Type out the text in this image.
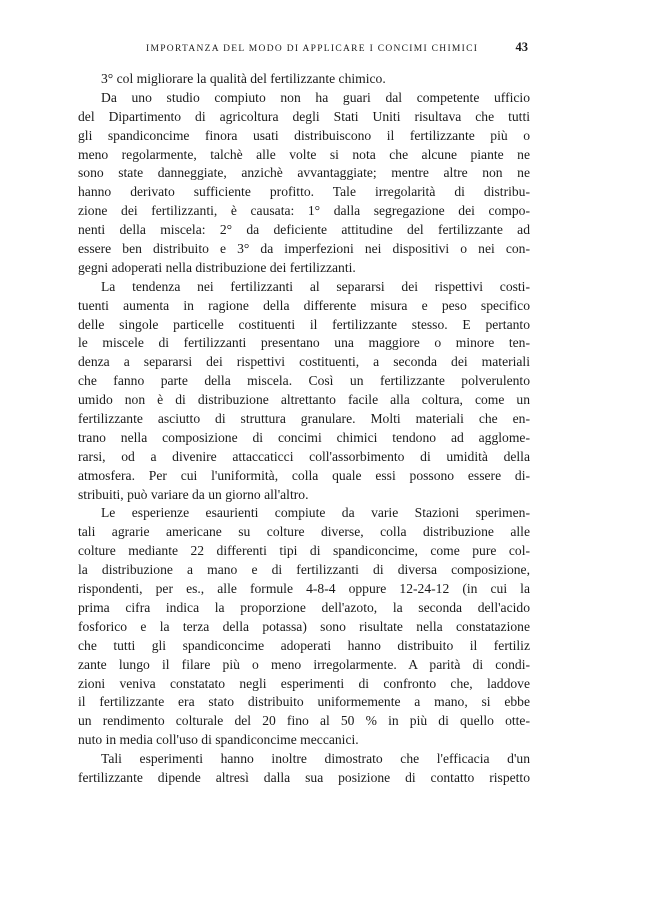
IMPORTANZA DEL MODO DI APPLICARE I CONCIMI CHIMICI	43
3° col migliorare la qualità del fertilizzante chimico.
Da uno studio compiuto non ha guari dal competente ufficio
del Dipartimento di agricoltura degli Stati Uniti risultava che tutti
gli spandiconcime finora usati distribuiscono il fertilizzante più o
meno regolarmente, talchè alle volte si nota che alcune piante ne
sono state danneggiate, anzichè avvantaggiate; mentre altre non ne
hanno derivato sufficiente profitto. Tale irregolarità di distribu-
zione dei fertilizzanti, è causata: 1° dalla segregazione dei compo-
nenti della miscela: 2° da deficiente attitudine del fertilizzante ad
essere ben distribuito e 3° da imperfezioni nei dispositivi o nei con-
gegni adoperati nella distribuzione dei fertilizzanti.
La tendenza nei fertilizzanti al separarsi dei rispettivi costi-
tuenti aumenta in ragione della differente misura e peso specifico
delle singole particelle costituenti il fertilizzante stesso. E pertanto
le miscele di fertilizzanti presentano una maggiore o minore ten-
denza a separarsi dei rispettivi costituenti, a seconda dei materiali
che fanno parte della miscela. Così un fertilizzante polverulento
umido non è di distribuzione altrettanto facile alla coltura, come un
fertilizzante asciutto di struttura granulare. Molti materiali che en-
trano nella composizione di concimi chimici tendono ad agglome-
rarsi, od a divenire attaccaticci coll'assorbimento di umidità della
atmosfera. Per cui l'uniformità, colla quale essi possono essere di-
stribuiti, può variare da un giorno all'altro.
Le esperienze esaurienti compiute da varie Stazioni sperimen-
tali agrarie americane su colture diverse, colla distribuzione alle
colture mediante 22 differenti tipi di spandiconcime, come pure col-
la distribuzione a mano e di fertilizzanti di diversa composizione,
rispondenti, per es., alle formule 4-8-4 oppure 12-24-12 (in cui la
prima cifra indica la proporzione dell'azoto, la seconda dell'acido
fosforico e la terza della potassa) sono risultate nella constatazione
che tutti gli spandiconcime adoperati hanno distribuito il fertiliz
zante lungo il filare più o meno irregolarmente. A parità di condi-
zioni veniva constatato negli esperimenti di confronto che, laddove
il fertilizzante era stato distribuito uniformemente a mano, si ebbe
un rendimento colturale del 20 fino al 50 % in più di quello otte-
nuto in media coll'uso di spandiconcime meccanici.
Tali esperimenti hanno inoltre dimostrato che l'efficacia d'un
fertilizzante dipende altresì dalla sua posizione di contatto rispetto
